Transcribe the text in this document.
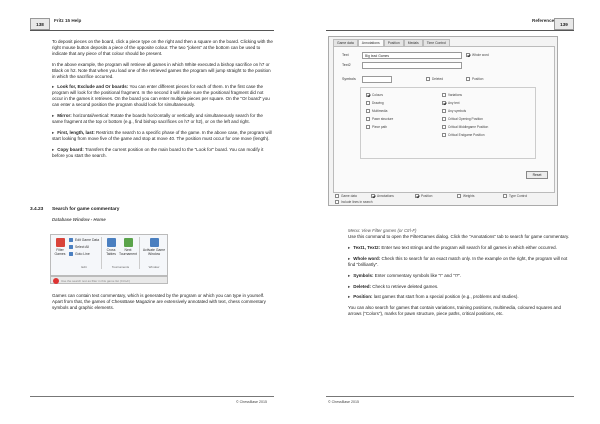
138
Fritz 15 Help

To deposit pieces on the board, click a piece type on the right and then a square on the board. Clicking with the right mouse button deposits a piece of the opposite colour. The two "jokers" at the bottom can be used to indicate that any piece of that colour should be present.

In the above example, the program will retrieve all games in which White executed a bishop sacrifice on h7 or Black on h2. Note that when you load one of the retrieved games the program will jump straight to the position in which the sacrifice occurred.

▸ Look for, Exclude and Or boards: You can enter different pieces for each of them. In the first case the program will look for the positional fragment. In the second it will make sure the positional fragment did not occur in the games it retrieves. On the board you can enter multiple pieces per square. On the "Or board" you can enter a second position the program should look for simultaneously.

▸ Mirror: horizontal/vertical: Rotate the boards horizontally or vertically and simultaneously search for the same fragment at the top or bottom (e.g., find bishop sacrifices on h7 or h2), or on the left and right.

▸ First, length, last: Restricts the search to a specific phase of the game. In the above case, the program will start looking from move five of the game and stop at move 40. The position must occur for one move (length).

▸ Copy board: Transfers the current position on the main board to the "Look for" board. You can modify it before you start the search.

3.4.23 Search for game commentary
Database Window - Home
Filter Games
Edit Game Data
Select All
Goto Line
Edit
Cross Tables
Next Tournament
Tournaments
Activate Game Window
Window
Use the search text as filter in this game list (Ctrl+F)
Games can contain text commentary, which is generated by the program or which you can type in yourself. Apart from that, the games of ChessBase Magazine are extensively annotated with text, chess commentary symbols and graphic elements.
© ChessBase 2015
Reference
139
Game data	Annotations	Position	Medals	Time Control
Text	Big lead Games	Whole word
Text2
Symbols	Deleted	Position
Colours
Drawing
Multimedia
Pawn structure
Piece path
Variations
Any text
Any symbols
Critical Opening Position
Critical Middlegame Position
Critical Endgame Position
Reset
Game data	Annotations	Position	Weights	Type Control
Include lines in search
Menu: View Filter games (or Ctrl-F)

Use this command to open the FilterGames dialog. Click the "Annotations" tab to search for game commentary.

▸ Text1, Text2: Enter two text strings and the program will search for all games in which either occurred.

▸ Whole word: Check this to search for an exact match only. In the example on the right, the program will not find "brilliantly".

▸ Symbols: Enter commentary symbols like "!" and "!?".

▸ Deleted: Check to retrieve deleted games.

▸ Position: last games that start from a special position (e.g., problems and studies).

You can also search for games that contain variations, training positions, multimedia, coloured squares and arrows ("Colors"), marks for pawn structure, piece paths, critical positions, etc.

© ChessBase 2015
